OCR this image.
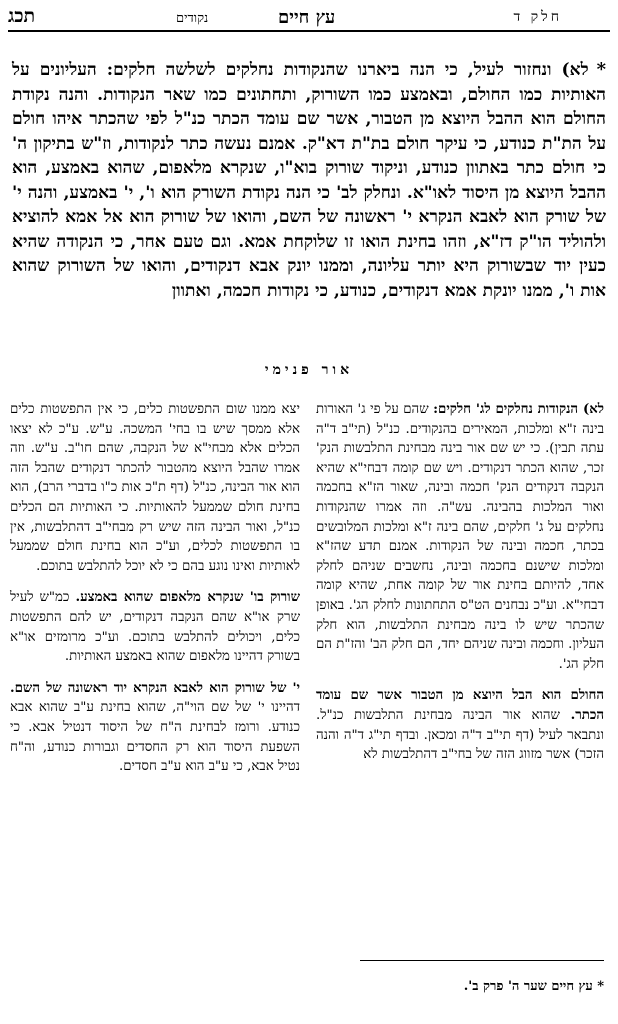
חלק ד
עץ חיים
נקודים
תכג
*לא) ונחזור לעיל, כי הנה ביארנו שהנקודות נחלקים לשלשה חלקים: העליונים על האותיות כמו החולם, ובאמצע כמו השורוק, ותחתונים כמו שאר הנקודות. והנה נקודת החולם הוא ההבל היוצא מן הטבור, אשר שם עומד הכתר כנ"ל לפי שהכתר איהו חולם על הת"ת כנודע, כי עיקר חולם בת"ת דא"ק. אמנם נעשה כתר לנקודות, וז"ש בתיקון ה' כי חולם כתר באתוון כנודע, וניקוד שורוק בוא"ו, שנקרא מלאפום, שהוא באמצע, הוא ההבל היוצא מן היסוד לאו"א. ונחלק לב' כי הנה נקודת השורק הוא ו', י' באמצע, והנה י' של שורק הוא לאבא הנקרא י' ראשונה של השם, והואו של שורוק הוא אל אמא להוציא ולהוליד הו"ק דז"א, וזהו בחינת הואו זו שלוקחת אמא. וגם טעם אחר, כי הנקודה שהיא כעין יוד שבשורוק היא יותר עליונה, וממנו יונק אבא דנקודים, והואו של השורוק שהוא אות ו', ממנו יונקת אמא דנקודים, כנודע, כי נקודות חכמה, ואתוון
אור פנימי

לא) הנקודות נחלקים לג' חלקים: שהם על פי ג' האורות בינה ז"א ומלכות, המאירים בהנקודים. כנ"ל (תי"ב ד"ה עתה תבין). כי יש שם אור בינה מבחינת התלבשות הנק' זכר, שהוא הכתר דנקודים. ויש שם קומה דבחי"א שהיא הנקבה דנקודים הנק' חכמה ובינה, שאור הז"א בחכמה ואור המלכות בהבינה. עש"ה. וזה אמרו שהנקודות נחלקים על ג' חלקים, שהם בינה ז"א ומלכות המלובשים בכתר, חכמה ובינה של הנקודות. אמנם תדע שהז"א ומלכות שישנם בחכמה ובינה, נחשבים שניהם לחלק אחד, להיותם בחינת אור של קומה אחת, שהיא קומה דבחי"א. וע"כ נבחנים הט"ס התחתונות לחלק הג'. באופן שהכתר שיש לו בינה מבחינת התלבשות, הוא חלק העליון. וחכמה ובינה שניהם יחד, הם חלק הב' והז"ת הם חלק הג'.

החולם הוא הבל היוצא מן הטבור אשר שם עומד הכתר. שהוא אור הבינה מבחינת התלבשות כנ"ל. ונתבאר לעיל (דף תי"ב ד"ה ומכאן. ובדף תי"ג ד"ה והנה הזכר) אשר מזווג הזה של בחי"ב דהתלבשות לא

יצא ממנו שום התפשטות כלים, כי אין התפשטות כלים אלא ממסך שיש בו בחי' המשכה. ע"ש. ע"כ לא יצאו הכלים אלא מבחי"א של הנקבה, שהם חו"ב. ע"ש. וזה אמרו שהבל היוצא מהטבור להכתר דנקודים שהבל הזה הוא אור הבינה, כנ"ל (דף ת"כ אות כ"ו בדברי הרב), הוא בחינת חולם שממעל להאותיות. כי האותיות הם הכלים כנ"ל, ואור הבינה הזה שיש רק מבחי"ב דהתלבשות, אין בו התפשטות לכלים, וע"כ הוא בחינת חולם שממעל לאותיות ואינו נוגע בהם כי לא יוכל להתלבש בתוכם.

שורוק בו' שנקרא מלאפום שהוא באמצע. כמ"ש לעיל שרק או"א שהם הנקבה דנקודים, יש להם התפשטות כלים, ויכולים להתלבש בתוכם. וע"כ מרומזים או"א בשורק דהיינו מלאפום שהוא באמצע האותיות.

י' של שורוק הוא לאבא הנקרא יוד ראשונה של השם. דהיינו י' של שם הוי"ה, שהוא בחינת ע"ב שהוא אבא כנודע. ורומז לבחינת ה"ח של היסוד דנטיל אבא. כי השפעת היסוד הוא רק החסדים וגבורות כנודע, וה"ח נטיל אבא, כי ע"ב הוא ע"ב חסדים.

* עץ חיים שער ה' פרק ב'.
